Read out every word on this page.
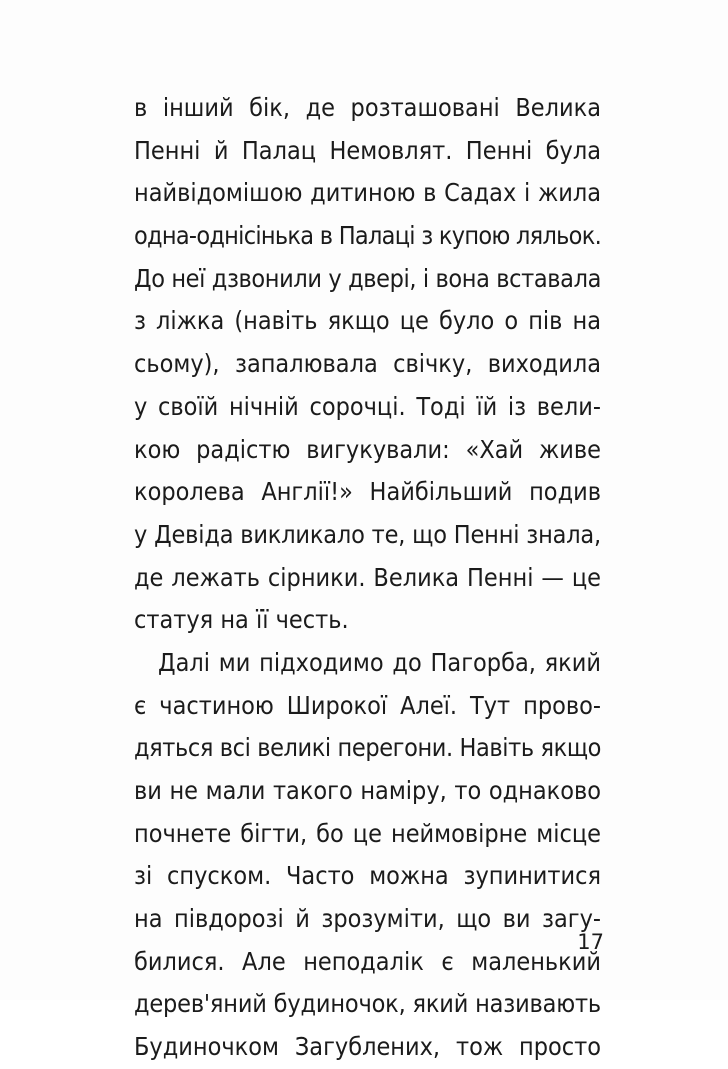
в інший бік, де розташовані Велика
Пенні й Палац Немовлят. Пенні була
найвідомішою дитиною в Садах і жила
одна-однісінька в Палаці з купою ляльок.
До неї дзвонили у двері, і вона вставала
з ліжка (навіть якщо це було о пів на
сьому), запалювала свічку, виходила
у своїй нічній сорочці. Тоді їй із вели-
кою радістю вигукували: «Хай живе
королева Англії!» Найбільший подив
у Девіда викликало те, що Пенні знала,
де лежать сірники. Велика Пенні — це
статуя на її честь.
Далі ми підходимо до Пагорба, який
є частиною Широкої Алеї. Тут прово-
дяться всі великі перегони. Навіть якщо
ви не мали такого наміру, то однаково
почнете бігти, бо це неймовірне місце
зі спуском. Часто можна зупинитися
на півдорозі й зрозуміти, що ви загу-
билися. Але неподалік є маленький
дерев'яний будиночок, який називають
Будиночком Загублених, тож просто
17
